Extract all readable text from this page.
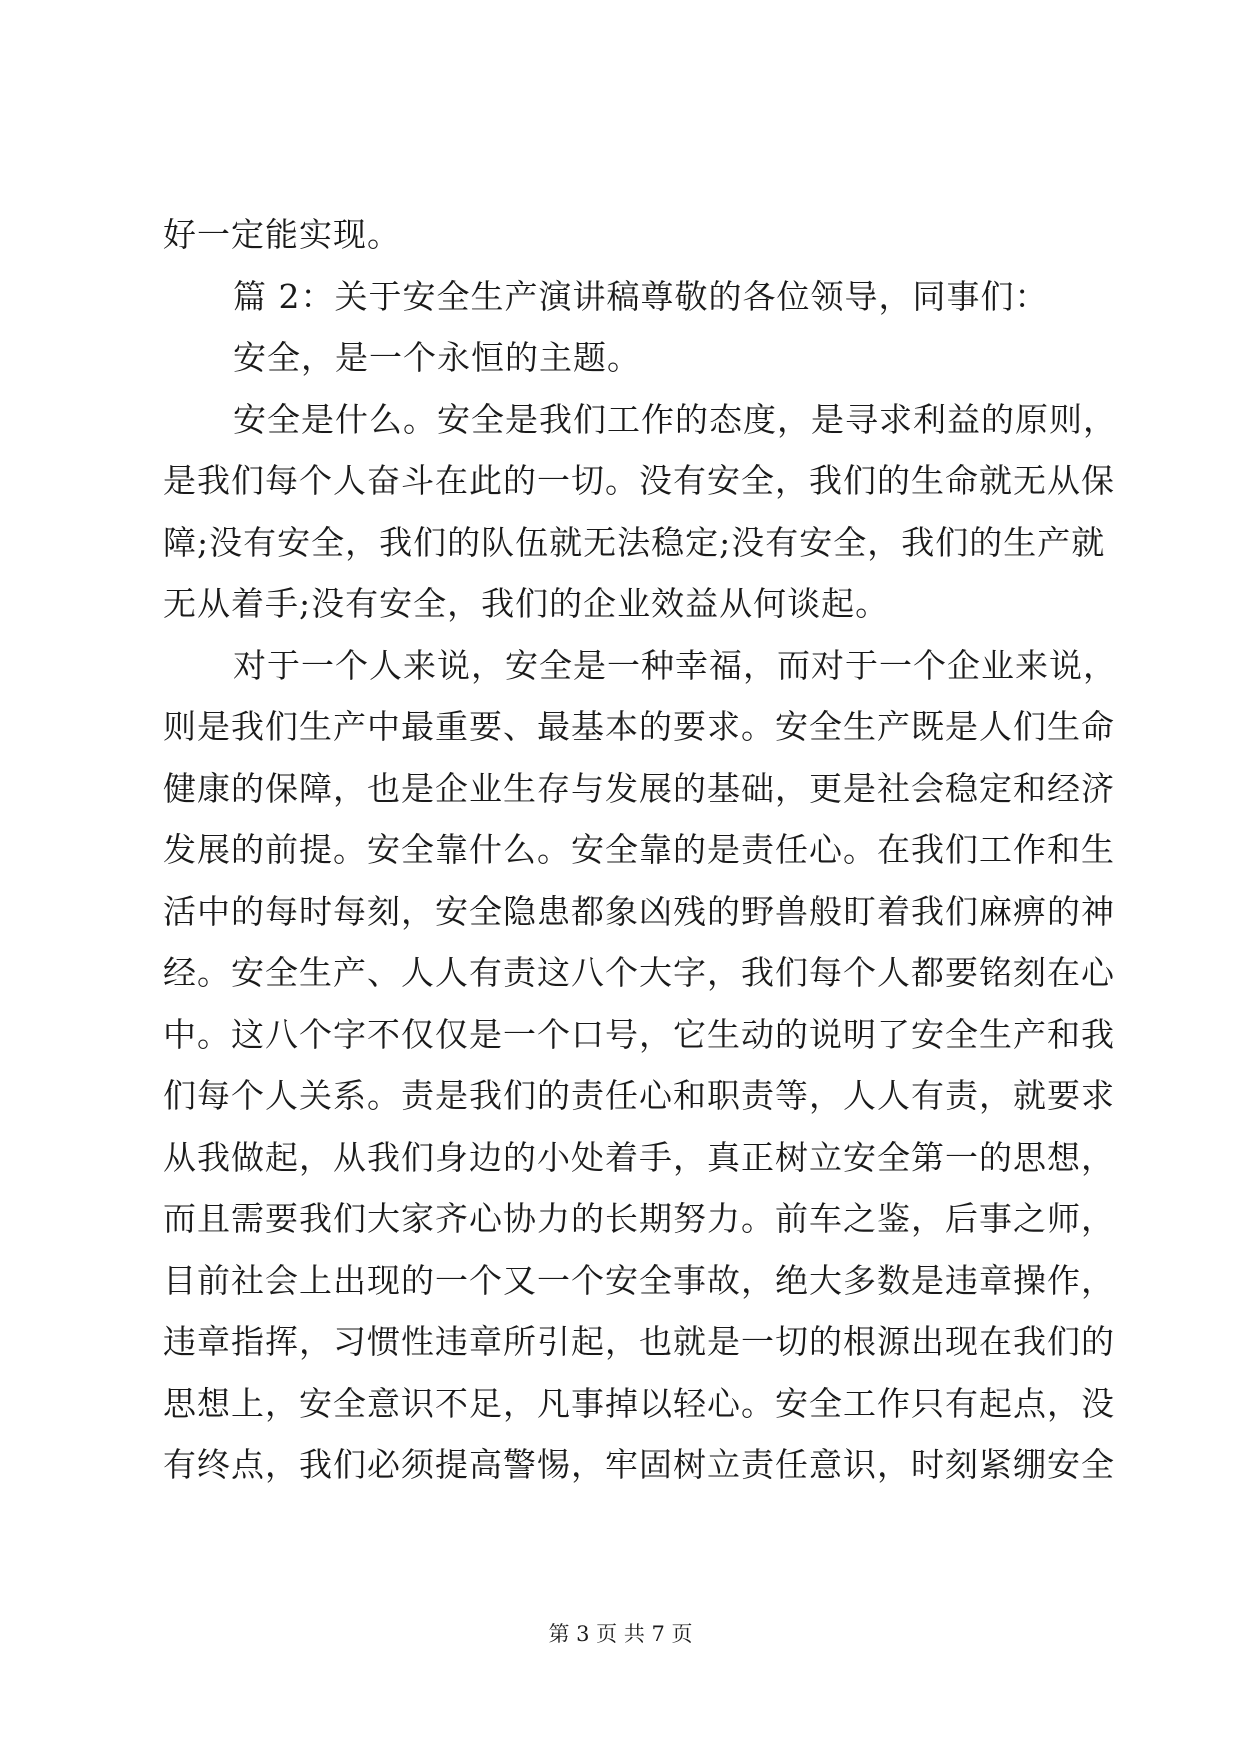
好一定能实现。
篇 2：关于安全生产演讲稿尊敬的各位领导，同事们：
安全，是一个永恒的主题。
安全是什么。安全是我们工作的态度，是寻求利益的原则，
是我们每个人奋斗在此的一切。没有安全，我们的生命就无从保
障;没有安全，我们的队伍就无法稳定;没有安全，我们的生产就
无从着手;没有安全，我们的企业效益从何谈起。
对于一个人来说，安全是一种幸福，而对于一个企业来说，
则是我们生产中最重要、最基本的要求。安全生产既是人们生命
健康的保障，也是企业生存与发展的基础，更是社会稳定和经济
发展的前提。安全靠什么。安全靠的是责任心。在我们工作和生
活中的每时每刻，安全隐患都象凶残的野兽般盯着我们麻痹的神
经。安全生产、人人有责这八个大字，我们每个人都要铭刻在心
中。这八个字不仅仅是一个口号，它生动的说明了安全生产和我
们每个人关系。责是我们的责任心和职责等，人人有责，就要求
从我做起，从我们身边的小处着手，真正树立安全第一的思想，
而且需要我们大家齐心协力的长期努力。前车之鉴，后事之师，
目前社会上出现的一个又一个安全事故，绝大多数是违章操作，
违章指挥，习惯性违章所引起，也就是一切的根源出现在我们的
思想上，安全意识不足，凡事掉以轻心。安全工作只有起点，没
有终点，我们必须提高警惕，牢固树立责任意识，时刻紧绷安全
第 3 页 共 7 页
